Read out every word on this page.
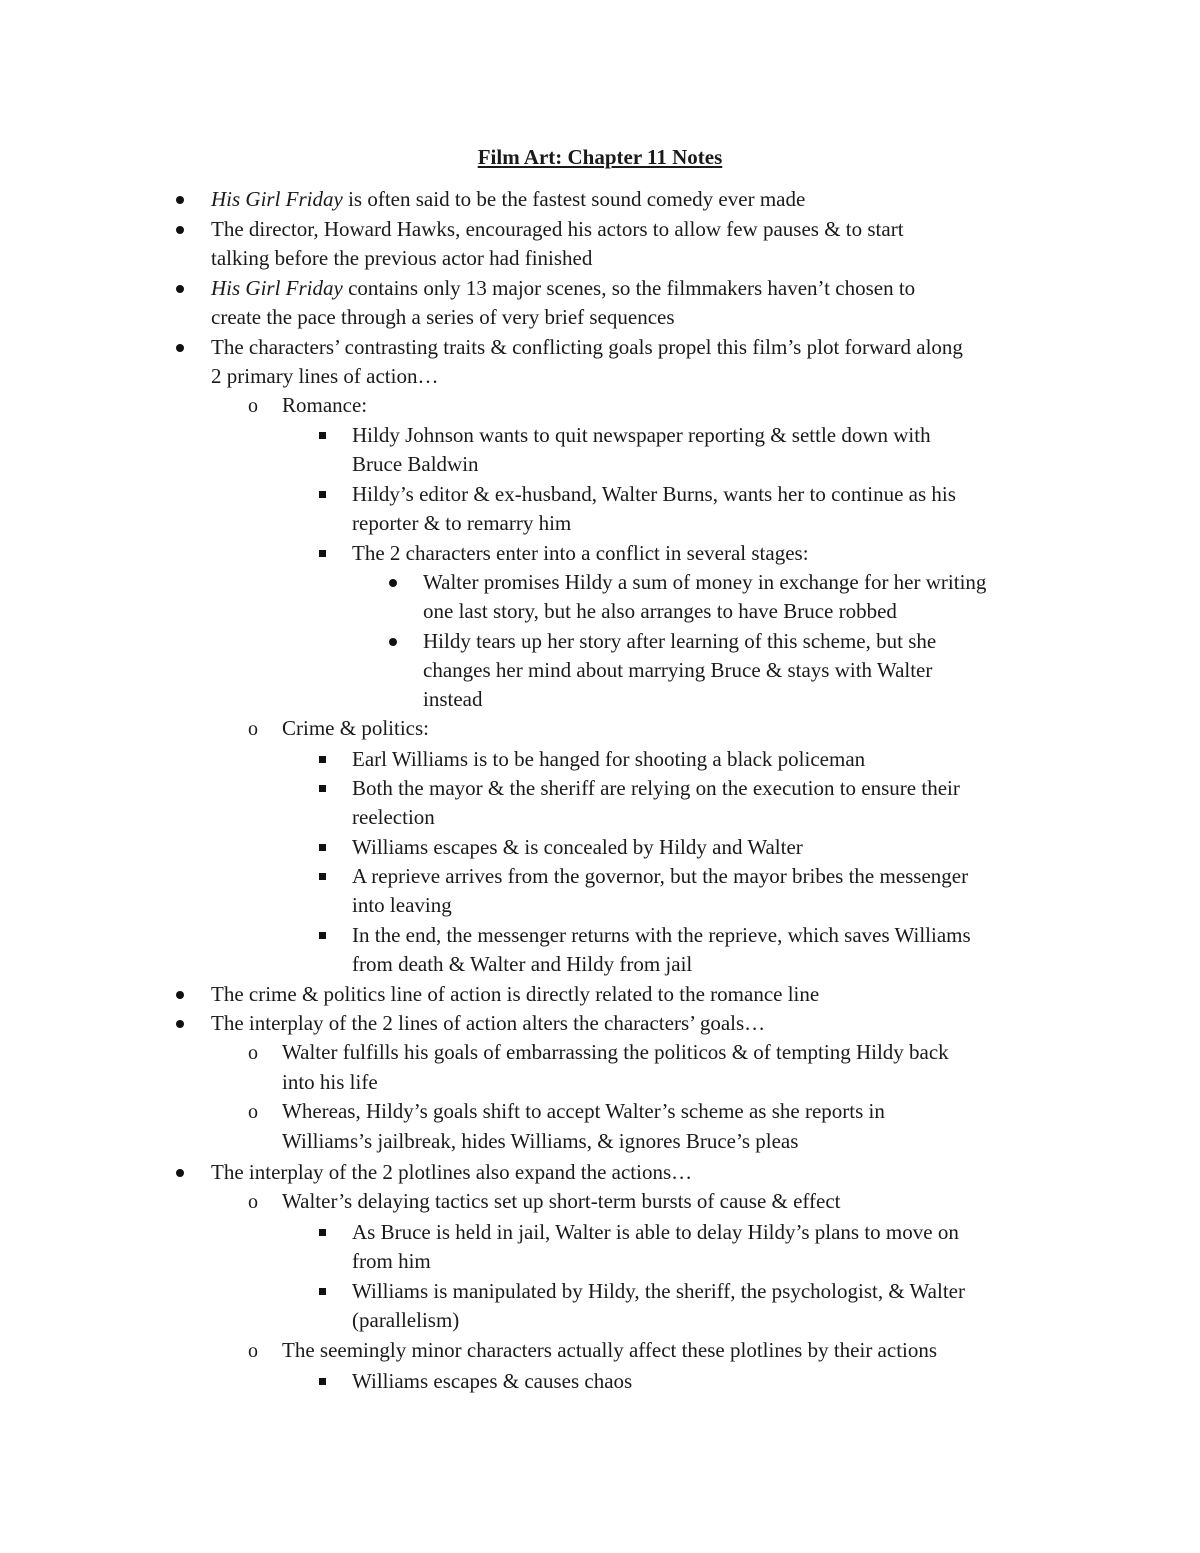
Film Art: Chapter 11 Notes
His Girl Friday is often said to be the fastest sound comedy ever made
The director, Howard Hawks, encouraged his actors to allow few pauses & to start
talking before the previous actor had finished
His Girl Friday contains only 13 major scenes, so the filmmakers haven’t chosen to
create the pace through a series of very brief sequences
The characters’ contrasting traits & conflicting goals propel this film’s plot forward along
2 primary lines of action…
o Romance:
Hildy Johnson wants to quit newspaper reporting & settle down with
Bruce Baldwin
Hildy’s editor & ex-husband, Walter Burns, wants her to continue as his
reporter & to remarry him
The 2 characters enter into a conflict in several stages:
Walter promises Hildy a sum of money in exchange for her writing
one last story, but he also arranges to have Bruce robbed
Hildy tears up her story after learning of this scheme, but she
changes her mind about marrying Bruce & stays with Walter
instead
o Crime & politics:
Earl Williams is to be hanged for shooting a black policeman
Both the mayor & the sheriff are relying on the execution to ensure their
reelection
Williams escapes & is concealed by Hildy and Walter
A reprieve arrives from the governor, but the mayor bribes the messenger
into leaving
In the end, the messenger returns with the reprieve, which saves Williams
from death & Walter and Hildy from jail
The crime & politics line of action is directly related to the romance line
The interplay of the 2 lines of action alters the characters’ goals…
o Walter fulfills his goals of embarrassing the politicos & of tempting Hildy back
into his life
o Whereas, Hildy’s goals shift to accept Walter’s scheme as she reports in
Williams’s jailbreak, hides Williams, & ignores Bruce’s pleas
The interplay of the 2 plotlines also expand the actions…
o Walter’s delaying tactics set up short-term bursts of cause & effect
As Bruce is held in jail, Walter is able to delay Hildy’s plans to move on
from him
Williams is manipulated by Hildy, the sheriff, the psychologist, & Walter
(parallelism)
o The seemingly minor characters actually affect these plotlines by their actions
Williams escapes & causes chaos
